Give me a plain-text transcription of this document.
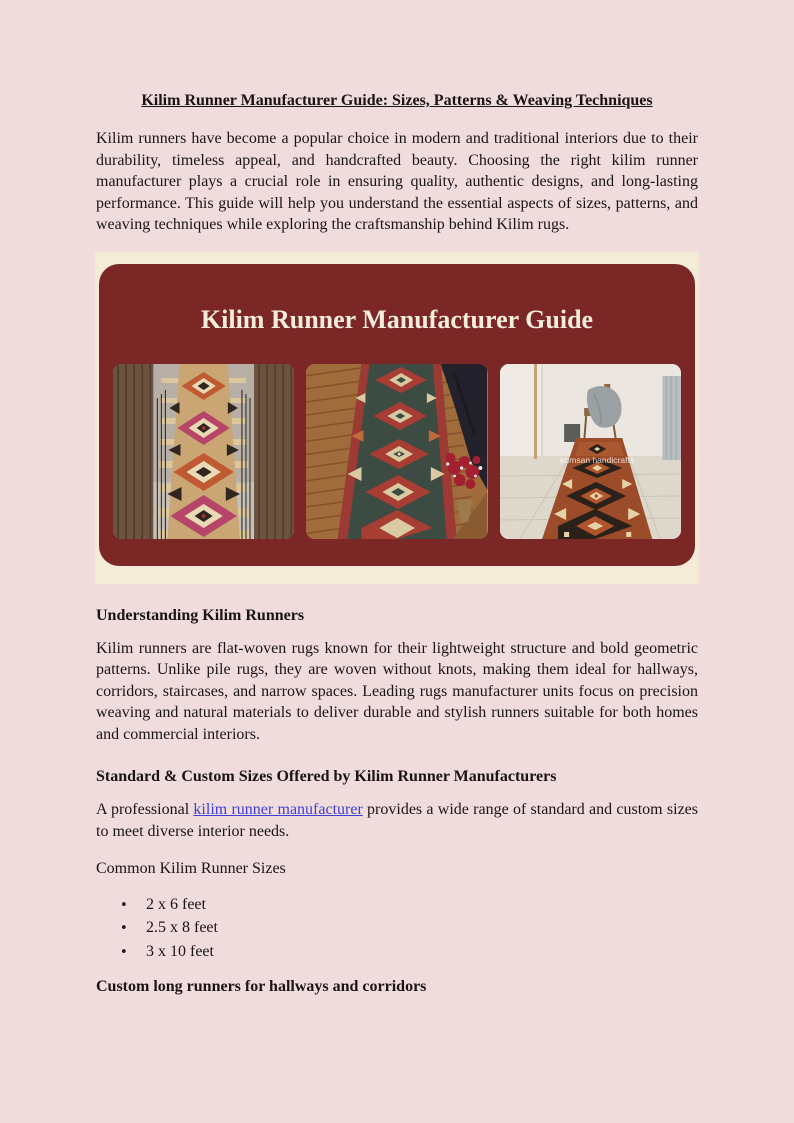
Kilim Runner Manufacturer Guide: Sizes, Patterns & Weaving Techniques

Kilim runners have become a popular choice in modern and traditional interiors due to their durability, timeless appeal, and handcrafted beauty. Choosing the right kilim runner manufacturer plays a crucial role in ensuring quality, authentic designs, and long-lasting performance. This guide will help you understand the essential aspects of sizes, patterns, and weaving techniques while exploring the craftsmanship behind Kilim rugs.

Kilim Runner Manufacturer Guide
kumsan handicrafts
Understanding Kilim Runners

Kilim runners are flat-woven rugs known for their lightweight structure and bold geometric patterns. Unlike pile rugs, they are woven without knots, making them ideal for hallways, corridors, staircases, and narrow spaces. Leading rugs manufacturer units focus on precision weaving and natural materials to deliver durable and stylish runners suitable for both homes and commercial interiors.

Standard & Custom Sizes Offered by Kilim Runner Manufacturers

A professional kilim runner manufacturer provides a wide range of standard and custom sizes to meet diverse interior needs.

Common Kilim Runner Sizes

• 2 x 6 feet
• 2.5 x 8 feet
• 3 x 10 feet
Custom long runners for hallways and corridors
